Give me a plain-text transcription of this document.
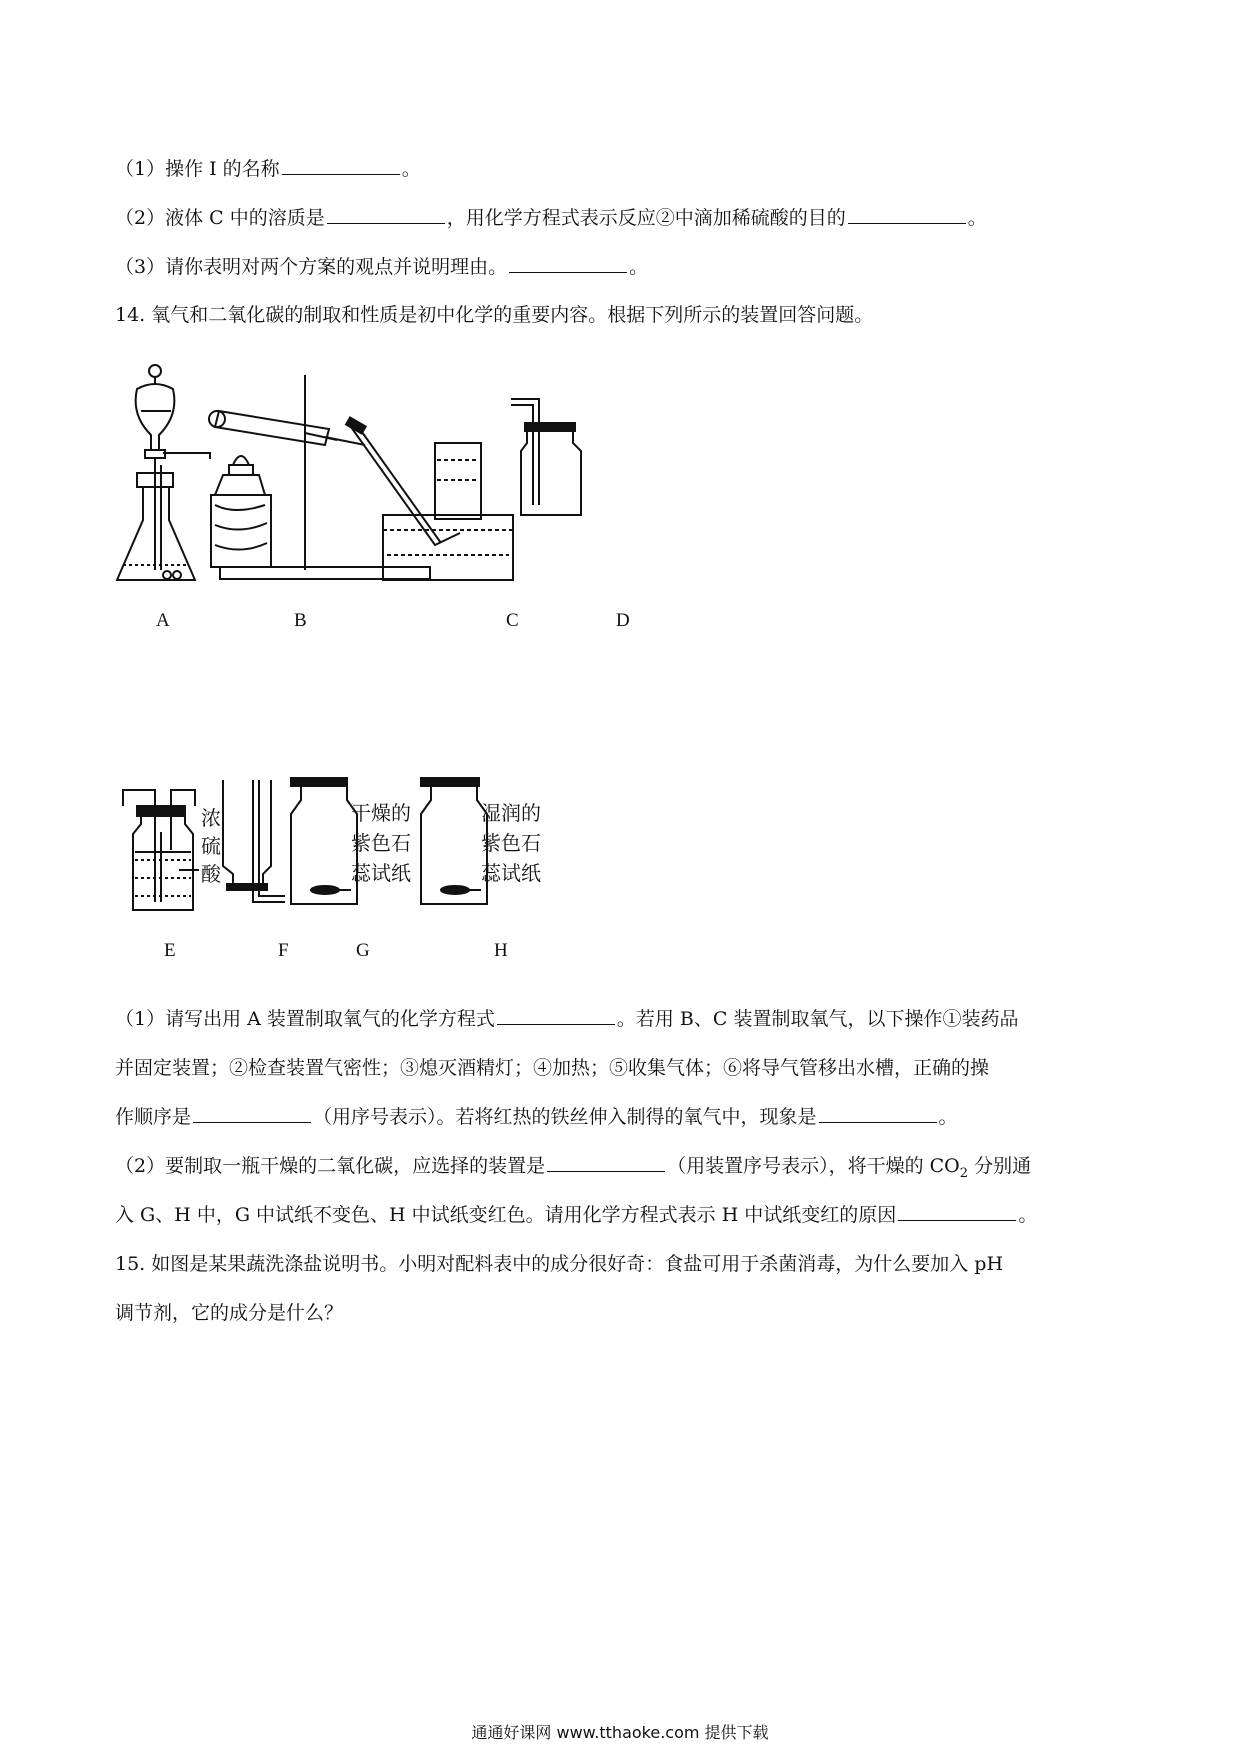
（1）操作 I 的名称	。
（2）液体 C 中的溶质是	，用化学方程式表示反应②中滴加稀硫酸的目的	。
（3）请你表明对两个方案的观点并说明理由。	。
14. 氧气和二氧化碳的制取和性质是初中化学的重要内容。根据下列所示的装置回答问题。
A	B	C	D
浓
硫
酸
干燥的
紫色石
蕊试纸
湿润的
紫色石
蕊试纸
E	F	G	H
（1）请写出用 A 装置制取氧气的化学方程式	。若用 B、C 装置制取氧气，以下操作①装药品
并固定装置；②检查装置气密性；③熄灭酒精灯；④加热；⑤收集气体；⑥将导气管移出水槽，正确的操
作顺序是	（用序号表示）。若将红热的铁丝伸入制得的氧气中，现象是	。
（2）要制取一瓶干燥的二氧化碳，应选择的装置是	（用装置序号表示），将干燥的 $CO_2$ 分别通
入 G、H 中，G 中试纸不变色、H 中试纸变红色。请用化学方程式表示 H 中试纸变红的原因	。
15. 如图是某果蔬洗涤盐说明书。小明对配料表中的成分很好奇：食盐可用于杀菌消毒，为什么要加入 pH
调节剂，它的成分是什么？
通通好课网 www.tthaoke.com 提供下载
